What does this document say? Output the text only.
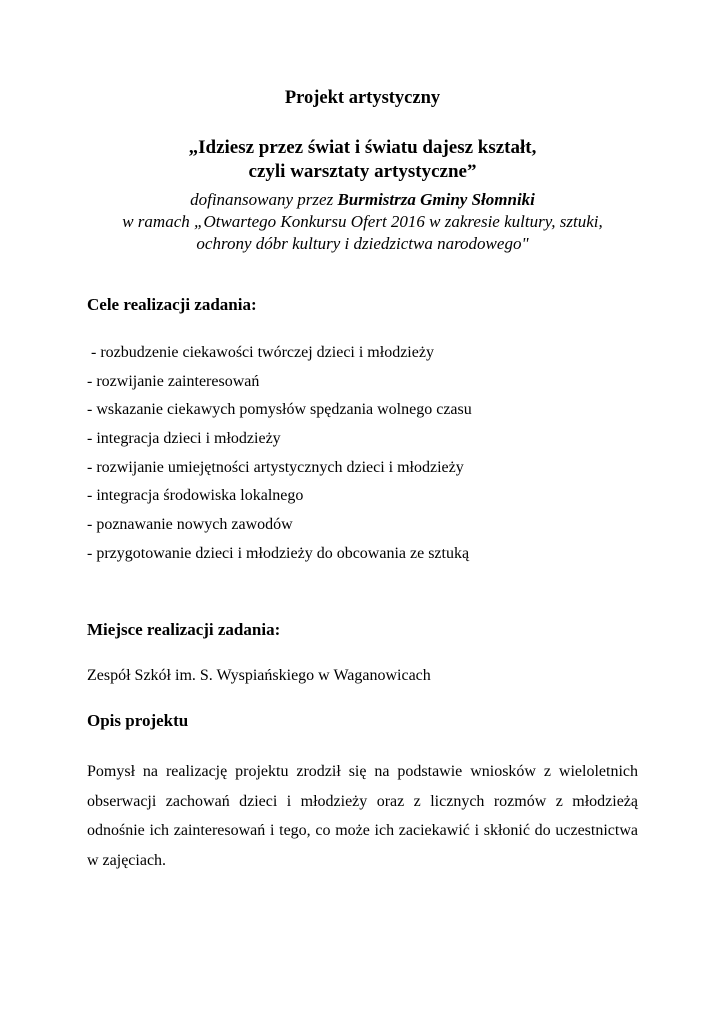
Projekt artystyczny
„Idziesz przez świat i światu dajesz kształt,
czyli warsztaty artystyczne”
dofinansowany przez Burmistrza Gminy Słomniki
w ramach „Otwartego Konkursu Ofert 2016 w zakresie kultury, sztuki,
ochrony dóbr kultury i dziedzictwa narodowego"
Cele realizacji zadania:
- rozbudzenie ciekawości twórczej dzieci i młodzieży
- rozwijanie zainteresowań
- wskazanie ciekawych pomysłów spędzania wolnego czasu
- integracja dzieci i młodzieży
- rozwijanie umiejętności artystycznych dzieci i młodzieży
- integracja środowiska lokalnego
- poznawanie nowych zawodów
- przygotowanie dzieci i młodzieży do obcowania ze sztuką
Miejsce realizacji zadania:
Zespół Szkół im. S. Wyspiańskiego w Waganowicach
Opis projektu

Pomysł na realizację projektu zrodził się na podstawie wniosków z wieloletnich obserwacji zachowań dzieci i młodzieży oraz z licznych rozmów z młodzieżą odnośnie ich zainteresowań i tego, co może ich zaciekawić i skłonić do uczestnictwa w zajęciach.
